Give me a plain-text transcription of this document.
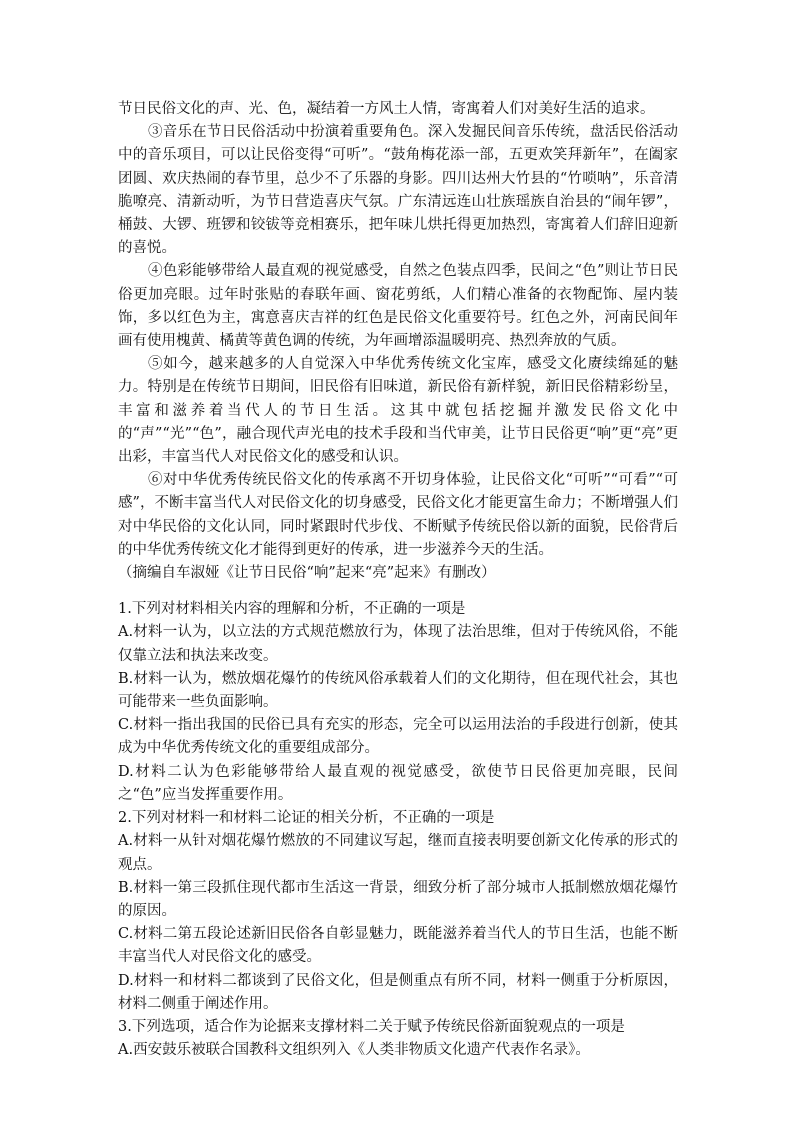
节日民俗文化的声、光、色，凝结着一方风土人情，寄寓着人们对美好生活的追求。

③音乐在节日民俗活动中扮演着重要角色。深入发掘民间音乐传统，盘活民俗活动中的音乐项目，可以让民俗变得“可听”。“鼓角梅花添一部，五更欢笑拜新年”，在阖家团圆、欢庆热闹的春节里，总少不了乐器的身影。四川达州大竹县的“竹唢呐”，乐音清脆嘹亮、清新动听，为节日营造喜庆气氛。广东清远连山壮族瑶族自治县的“闹年锣”，桶鼓、大锣、班锣和铰钹等竞相赛乐，把年味儿烘托得更加热烈，寄寓着人们辞旧迎新的喜悦。

④色彩能够带给人最直观的视觉感受，自然之色装点四季，民间之“色”则让节日民俗更加亮眼。过年时张贴的春联年画、窗花剪纸，人们精心准备的衣物配饰、屋内装饰，多以红色为主，寓意喜庆吉祥的红色是民俗文化重要符号。红色之外，河南民间年画有使用槐黄、橘黄等黄色调的传统，为年画增添温暖明亮、热烈奔放的气质。

⑤如今，越来越多的人自觉深入中华优秀传统文化宝库，感受文化赓续绵延的魅力。特别是在传统节日期间，旧民俗有旧味道，新民俗有新样貌，新旧民俗精彩纷呈，丰富和滋养着当代人的节日生活。这其中就包括挖掘并激发民俗文化中的“声”“光”“色”，融合现代声光电的技术手段和当代审美，让节日民俗更“响”更“亮”更出彩，丰富当代人对民俗文化的感受和认识。

⑥对中华优秀传统民俗文化的传承离不开切身体验，让民俗文化“可听”“可看”“可感”，不断丰富当代人对民俗文化的切身感受，民俗文化才能更富生命力；不断增强人们对中华民俗的文化认同，同时紧跟时代步伐、不断赋予传统民俗以新的面貌，民俗背后的中华优秀传统文化才能得到更好的传承，进一步滋养今天的生活。

（摘编自车淑娅《让节日民俗“响”起来“亮”起来》有删改）

1.下列对材料相关内容的理解和分析，不正确的一项是

A.材料一认为，以立法的方式规范燃放行为，体现了法治思维，但对于传统风俗，不能仅靠立法和执法来改变。

B.材料一认为，燃放烟花爆竹的传统风俗承载着人们的文化期待，但在现代社会，其也可能带来一些负面影响。

C.材料一指出我国的民俗已具有充实的形态，完全可以运用法治的手段进行创新，使其成为中华优秀传统文化的重要组成部分。

D.材料二认为色彩能够带给人最直观的视觉感受，欲使节日民俗更加亮眼，民间之“色”应当发挥重要作用。

2.下列对材料一和材料二论证的相关分析，不正确的一项是

A.材料一从针对烟花爆竹燃放的不同建议写起，继而直接表明要创新文化传承的形式的观点。

B.材料一第三段抓住现代都市生活这一背景，细致分析了部分城市人抵制燃放烟花爆竹的原因。

C.材料二第五段论述新旧民俗各自彰显魅力，既能滋养着当代人的节日生活，也能不断丰富当代人对民俗文化的感受。

D.材料一和材料二都谈到了民俗文化，但是侧重点有所不同，材料一侧重于分析原因，材料二侧重于阐述作用。

3.下列选项，适合作为论据来支撑材料二关于赋予传统民俗新面貌观点的一项是

A.西安鼓乐被联合国教科文组织列入《人类非物质文化遗产代表作名录》。
